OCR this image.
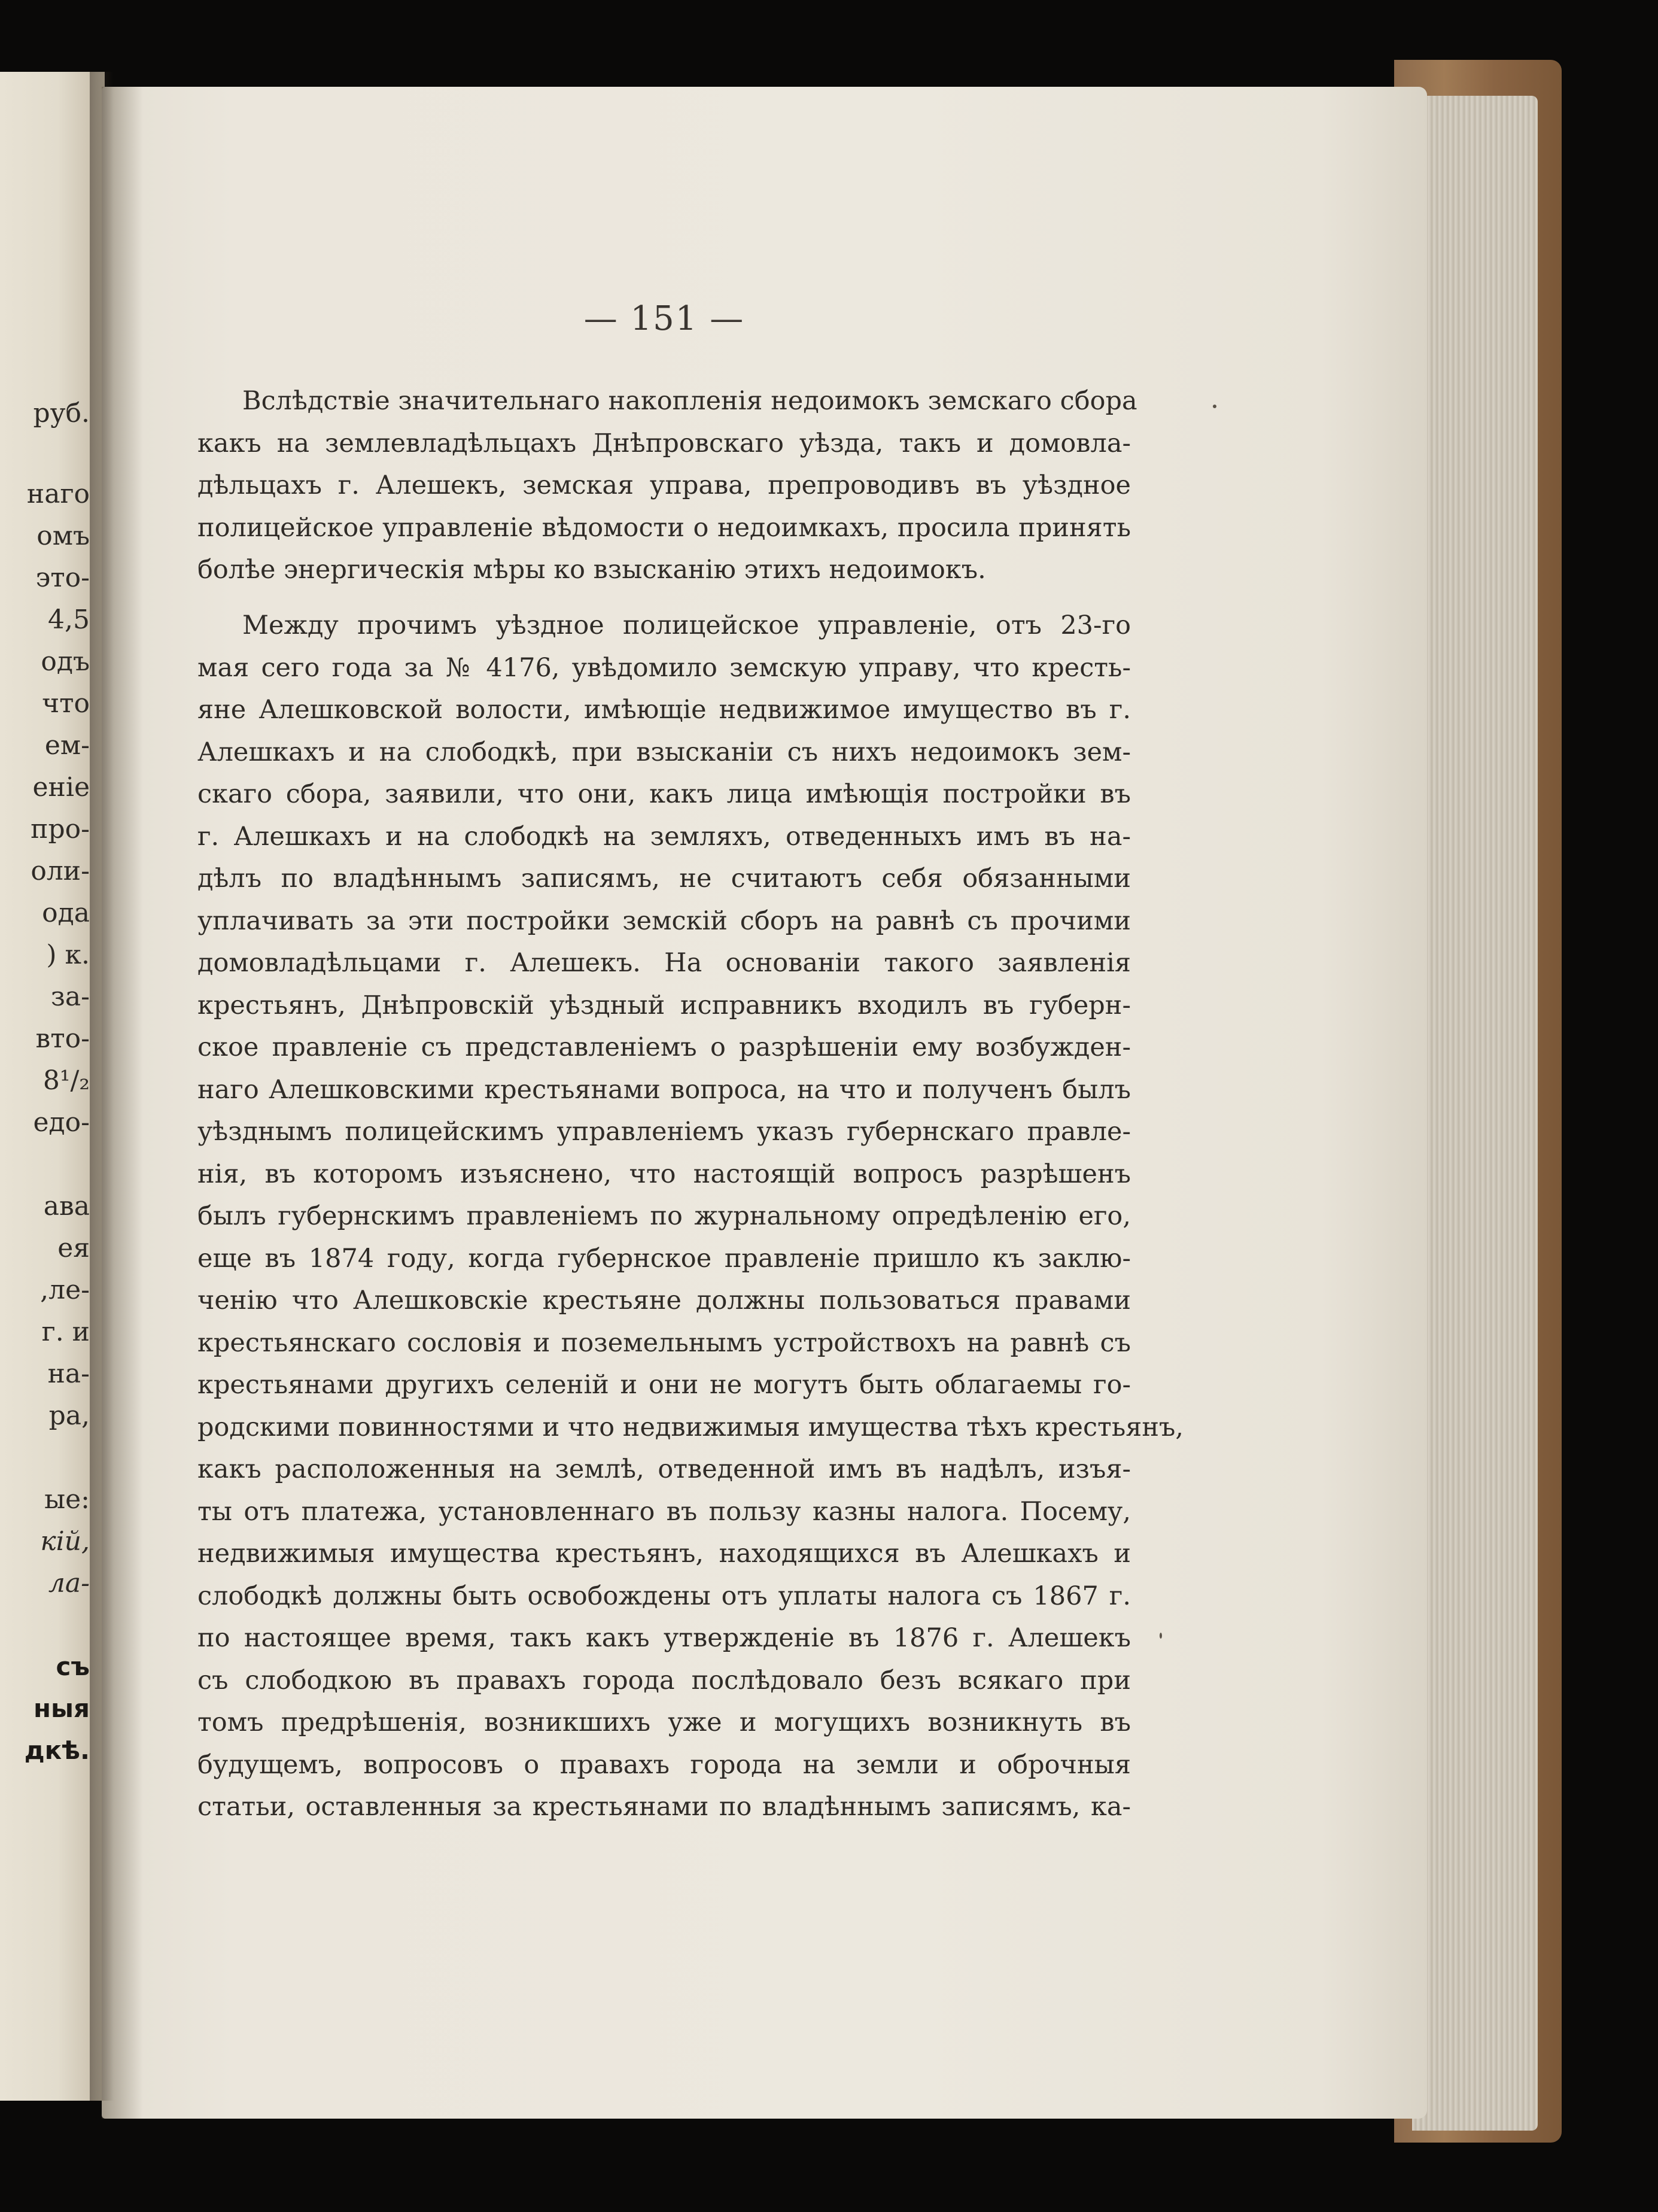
руб.
наго
омъ
это-
4,5
одъ
что
ем-
еніе
про-
оли-
ода
) к.
за-
вто-
8¹/₂
едо-
ава
ея
,ле-
г. и
на-
ра,
ые:
кій,
ла-
съ
ныя
дкѣ.
— 151 —
Вслѣдствіе значительнаго накопленія недоимокъ земскаго сбора
какъ на землевладѣльцахъ Днѣпровскаго уѣзда, такъ и домовла-
дѣльцахъ г. Алешекъ, земская управа, препроводивъ въ уѣздное
полицейское управленіе вѣдомости о недоимкахъ, просила принять
болѣе энергическія мѣры ко взысканію этихъ недоимокъ.
Между прочимъ уѣздное полицейское управленіе, отъ 23-го
мая сего года за № 4176, увѣдомило земскую управу, что кресть-
яне Алешковской волости, имѣющіе недвижимое имущество въ г.
Алешкахъ и на слободкѣ, при взысканіи съ нихъ недоимокъ зем-
скаго сбора, заявили, что они, какъ лица имѣющія постройки въ
г. Алешкахъ и на слободкѣ на земляхъ, отведенныхъ имъ въ на-
дѣлъ по владѣннымъ записямъ, не считаютъ себя обязанными
уплачивать за эти постройки земскій сборъ на равнѣ съ прочими
домовладѣльцами г. Алешекъ. На основаніи такого заявленія
крестьянъ, Днѣпровскій уѣздный исправникъ входилъ въ губерн-
ское правленіе съ представленіемъ о разрѣшеніи ему возбужден-
наго Алешковскими крестьянами вопроса, на что и полученъ былъ
уѣзднымъ полицейскимъ управленіемъ указъ губернскаго правле-
нія, въ которомъ изъяснено, что настоящій вопросъ разрѣшенъ
былъ губернскимъ правленіемъ по журнальному опредѣленію его,
еще въ 1874 году, когда губернское правленіе пришло къ заклю-
ченію что Алешковскіе крестьяне должны пользоваться правами
крестьянскаго сословія и поземельнымъ устройствохъ на равнѣ съ
крестьянами другихъ селеній и они не могутъ быть облагаемы го-
родскими повинностями и что недвижимыя имущества тѣхъ крестьянъ,
какъ расположенныя на землѣ, отведенной имъ въ надѣлъ, изъя-
ты отъ платежа, установленнаго въ пользу казны налога. Посему,
недвижимыя имущества крестьянъ, находящихся въ Алешкахъ и
слободкѣ должны быть освобождены отъ уплаты налога съ 1867 г.
по настоящее время, такъ какъ утвержденіе въ 1876 г. Алешекъ
съ слободкою въ правахъ города послѣдовало безъ всякаго при
томъ предрѣшенія, возникшихъ уже и могущихъ возникнуть въ
будущемъ, вопросовъ о правахъ города на земли и оброчныя
статьи, оставленныя за крестьянами по владѣннымъ записямъ, ка-
